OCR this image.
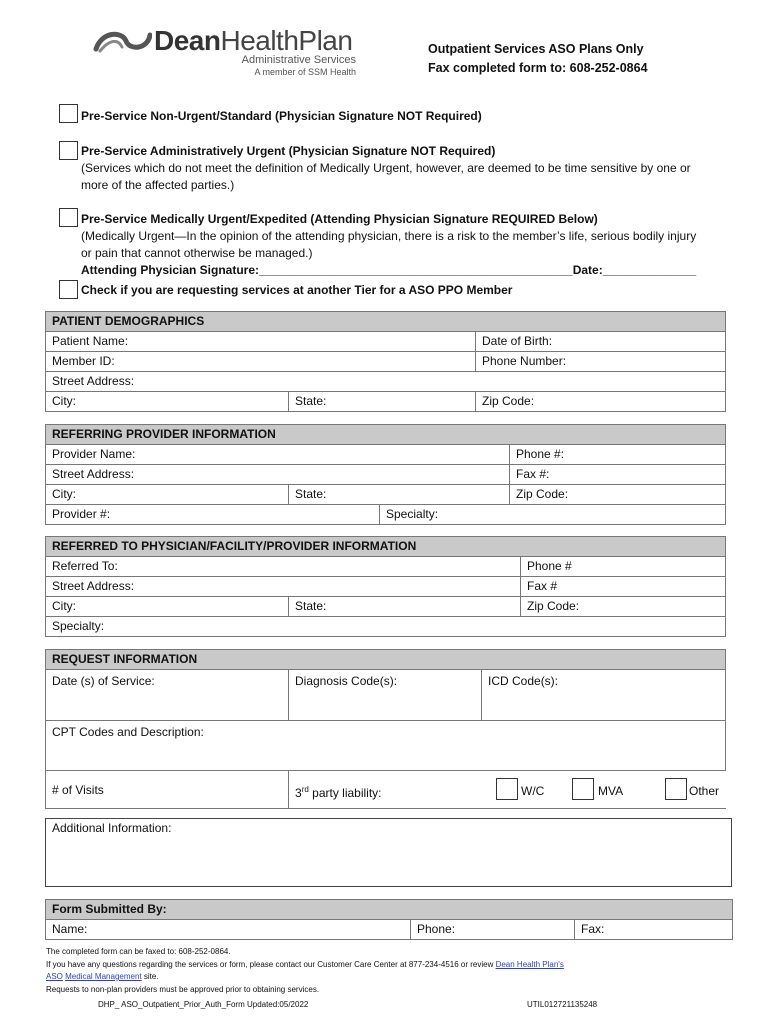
DeanHealthPlan
Administrative Services
A member of SSM Health
Outpatient Services ASO Plans Only
Fax completed form to: 608-252-0864
Pre-Service Non-Urgent/Standard (Physician Signature NOT Required)
Pre-Service Administratively Urgent (Physician Signature NOT Required)
(Services which do not meet the definition of Medically Urgent, however, are deemed to be time sensitive by one or
more of the affected parties.)
Pre-Service Medically Urgent/Expedited (Attending Physician Signature REQUIRED Below)
(Medically Urgent—In the opinion of the attending physician, there is a risk to the member’s life, serious bodily injury
or pain that cannot otherwise be managed.)
Attending Physician Signature:_______________________________________________Date:______________
Check if you are requesting services at another Tier for a ASO PPO Member
PATIENT DEMOGRAPHICS		
Patient Name:		Date of Birth:
Member ID:		Phone Number:
Street Address:		
City:	State:	Zip Code:
REFERRING PROVIDER INFORMATION			
Provider Name:			Phone #:
Street Address:			Fax #:
City:	State:		Zip Code:
Provider #:		Specialty:	
REFERRED TO PHYSICIAN/FACILITY/PROVIDER INFORMATION		
Referred To:		Phone #
Street Address:		Fax #
City:	State:	Zip Code:
Specialty:		
REQUEST INFORMATION		
Date (s) of Service:	Diagnosis Code(s):	ICD Code(s):
CPT Codes and Description:		
# of Visits	3rd party liability: W/C MVA Other	
Additional Information:
Form Submitted By:
Name:	Phone:	Fax:
The completed form can be faxed to: 608-252-0864.
If you have any questions regarding the services or form, please contact our Customer Care Center at 877-234-4516 or review Dean Health Plan's
ASO Medical Management site.
Requests to non-plan providers must be approved prior to obtaining services.
DHP_ ASO_Outpatient_Prior_Auth_Form Updated:05/2022	UTIL012721135248
